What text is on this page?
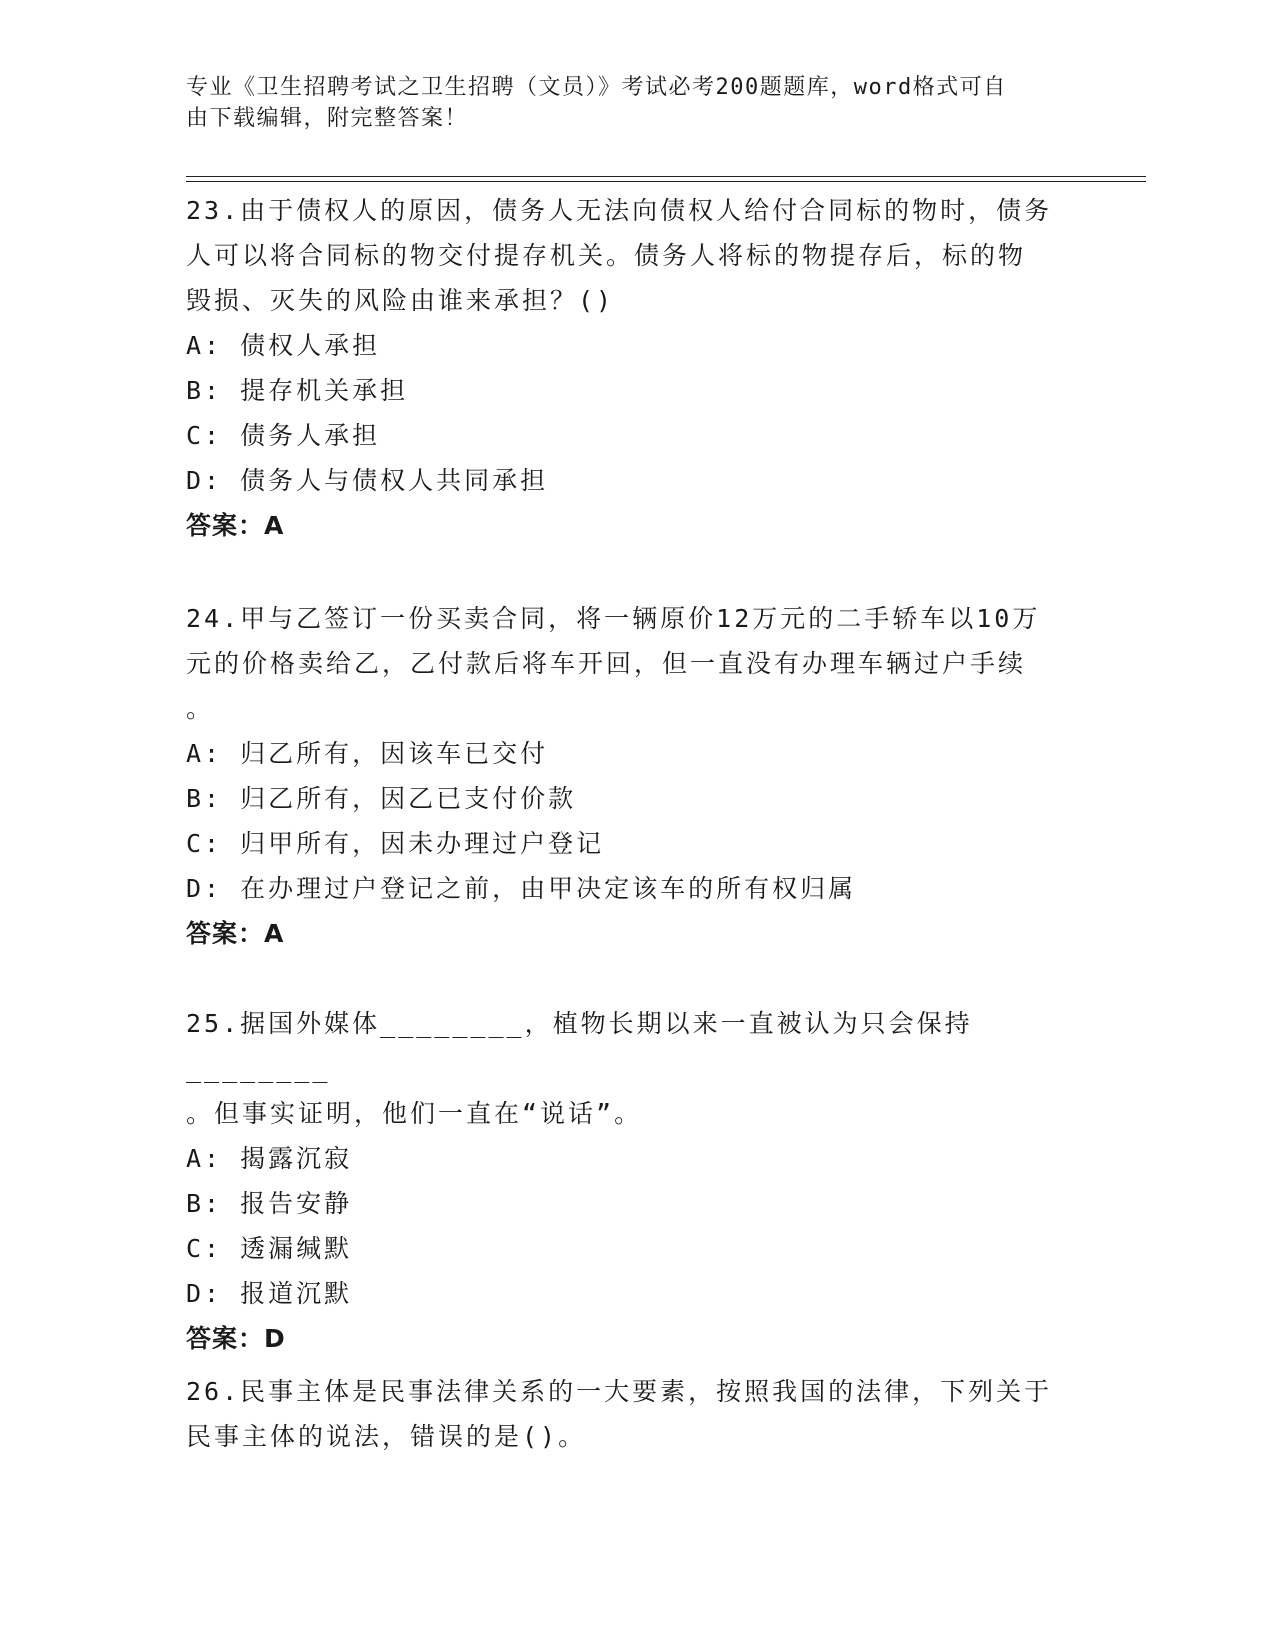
专业《卫生招聘考试之卫生招聘（文员）》考试必考200题题库，word格式可自
由下载编辑，附完整答案！

23.由于债权人的原因，债务人无法向债权人给付合同标的物时，债务

人可以将合同标的物交付提存机关。债务人将标的物提存后，标的物

毁损、灭失的风险由谁来承担？()

A: 债权人承担

B: 提存机关承担

C: 债务人承担

D: 债务人与债权人共同承担

答案：A

24.甲与乙签订一份买卖合同，将一辆原价12万元的二手轿车以10万

元的价格卖给乙，乙付款后将车开回，但一直没有办理车辆过户手续

。

A: 归乙所有，因该车已交付

B: 归乙所有，因乙已支付价款

C: 归甲所有，因未办理过户登记

D: 在办理过户登记之前，由甲决定该车的所有权归属

答案：A

25.据国外媒体________，植物长期以来一直被认为只会保持________

。但事实证明，他们一直在“说话”。

A: 揭露沉寂

B: 报告安静

C: 透漏缄默

D: 报道沉默

答案：D

26.民事主体是民事法律关系的一大要素，按照我国的法律，下列关于

民事主体的说法，错误的是()。
